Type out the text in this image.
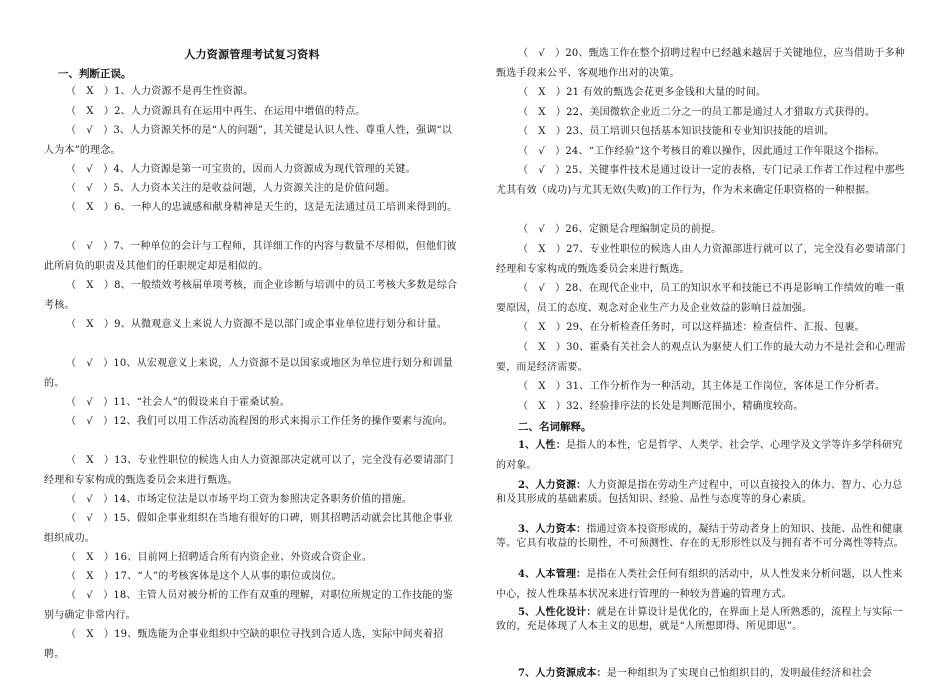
人力资源管理考试复习资料
一、判断正误。
（　X　）1、人力资源不是再生性资源。
（　X　）2、人力资源具有在运用中再生、在运用中增值的特点。
（　√　）3、人力资源关怀的是“人的问题”，其关键是认识人性、尊重人性，强调“以人为本”的理念。
（　√　）4、人力资源是第一可宝贵的，因而人力资源成为现代管理的关键。
（　√　）5、人力资本关注的是收益问题，人力资源关注的是价值问题。
（　X　）6、一种人的忠诚感和献身精神是天生的，这是无法通过员工培训来得到的。
（　√　）7、一种单位的会计与工程师，其详细工作的内容与数量不尽相似，但他们彼此所肩负的职责及其他们的任职规定却是相似的。
（　X　）8、一般绩效考核届单项考核，而企业诊断与培训中的员工考核大多数是综合考核。
（　X　）9、从微观意义上来说人力资源不是以部门或企事业单位进行划分和计量。
（　√　）10、从宏观意义上来说，人力资源不是以国家或地区为单位进行划分和训量的。
（　√　）11、“社会人”的假设来自于霍桑试验。
（　√　）12、我们可以用工作活动流程图的形式来揭示工作任务的操作要素与流向。
（　X　）13、专业性职位的候选人由人力资源部决定就可以了，完全没有必要请部门经理和专家构成的甄选委员会来进行甄选。
（　√　）14、市场定位法是以市场平均工资为参照决定各职务价值的措施。
（　√　）15、假如企事业组织在当地有很好的口碑，则其招聘活动就会比其他企事业组织成功。
（　X　）16、目前网上招聘适合所有内资企业、外资或合资企业。
（　X　）17、“人”的考核客体是这个人从事的职位或岗位。
（　√　）18、主管人员对被分析的工作有双重的理解，对职位所规定的工作技能的鉴别与确定非常内行。
（　X　）19、甄选能为企事业组织中空缺的职位寻找到合适人选，实际中间夹着招聘。
（　√　）20、甄选工作在整个招聘过程中已经越来越居于关键地位，应当借助于多种甄选手段来公平、客观地作出对的决策。
（　X　）21 有效的甄选会花更多金钱和大量的时间。
（　X　）22、美国微软企业近二分之一的员工都是通过人才猎取方式获得的。
（　X　）23、员工培训只包括基本知识技能和专业知识技能的培训。
（　√　）24、“工作经验”这个考核目的难以操作，因此通过工作年限这个指标。
（　√　）25、关键事件技术是通过设计一定的表格，专门记录工作者工作过程中那些尤其有效（成功)与尤其无效(失败)的工作行为，作为未来确定任职资格的一种根据。
（　√　）26、定额是合理编制定员的前提。
（　X　）27、专业性职位的候选人由人力资源部进行就可以了，完全没有必要请部门经理和专家构成的甄选委员会来进行甄选。
（　√　）28、在现代企业中，员工的知识水平和技能已不再是影响工作绩效的唯一重要原因，员工的态度、观念对企业生产力及企业效益的影响日益加强。
（　X　）29、在分析检查任务时，可以这样描述：检查信件、汇报、包裹。
（　X　）30、霍桑有关社会人的观点认为驱使人们工作的最大动力不是社会和心理需要，而是经济需要。
（　X　）31、工作分析作为一种活动，其主体是工作岗位，客体是工作分析者。
（　X　）32、经验排序法的长处是判断范围小，精确度较高。
二、名词解释。
1、人性：是指人的本性，它是哲学、人类学、社会学、心理学及文学等许多学科研究的对象。
2、人力资源：人力资源是指在劳动生产过程中，可以直接投入的体力、智力、心力总和及其形成的基础素质。包括知识、经验、品性与态度等的身心素质。
3、人力资本：指通过资本投资形成的，凝结于劳动者身上的知识、技能、品性和健康等。它具有收益的长期性，不可预测性、存在的无形形性以及与拥有者不可分离性等特点。
4、人本管理：是指在人类社会任何有组织的活动中，从人性发来分析问题，以人性来中心，按人性珠基本状况来进行管理的一种较为普遍的管理方式。
5、人性化设计：就是在计算设计是优化的，在界面上是人所熟悉的，流程上与实际一致的，充是体现了人本主义的思想，就是“人所想即得、所见即思”。
7、人力资源成本：是一种组织为了实现自己怕组织目的，发明最佳经济和社会
